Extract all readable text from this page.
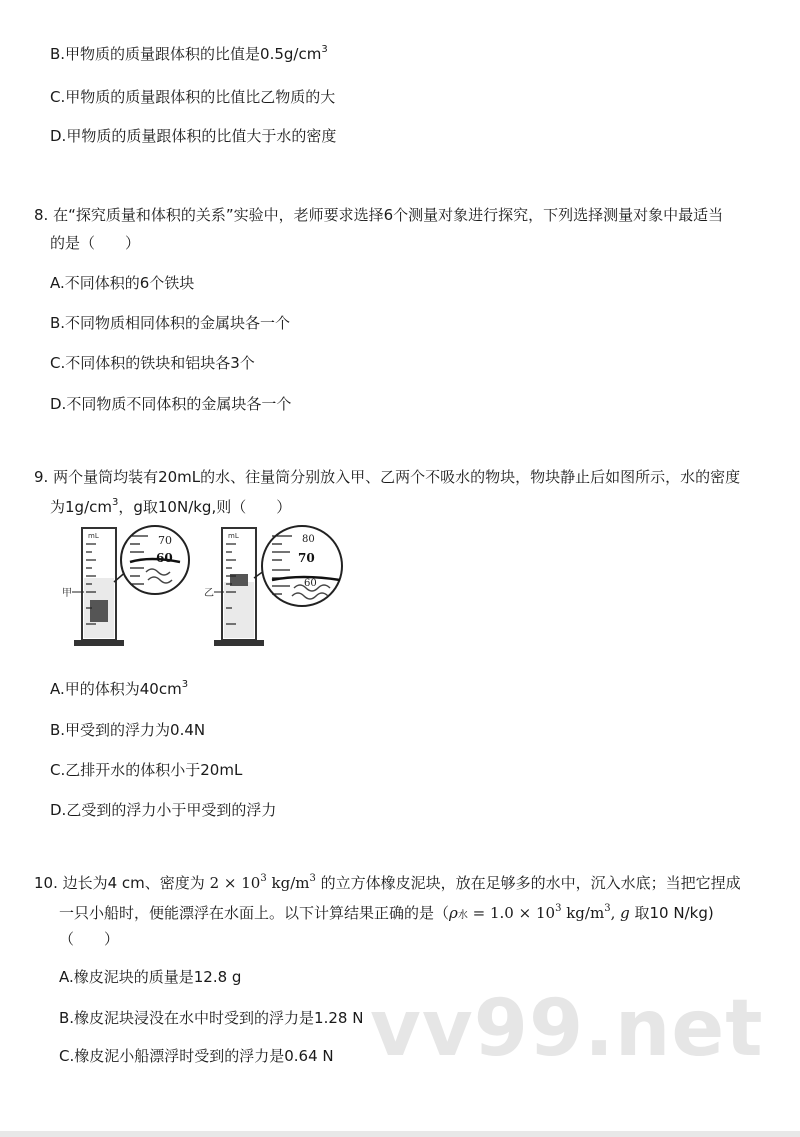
B.甲物质的质量跟体积的比值是$0.5g/cm^3$
C.甲物质的质量跟体积的比值比乙物质的大
D.甲物质的质量跟体积的比值大于水的密度
8. 在“探究质量和体积的关系”实验中，老师要求选择6个测量对象进行探究，下列选择测量对象中最适当
的是（　　）
A.不同体积的6个铁块
B.不同物质相同体积的金属块各一个
C.不同体积的铁块和铝块各3个
D.不同物质不同体积的金属块各一个
9. 两个量筒均装有20mL的水、往量筒分别放入甲、乙两个不吸水的物块，物块静止后如图所示，水的密度
为$1g/cm^3$，g取10N/kg,则（　　）
mL
甲
70
60
mL
乙
80
70
60
A.甲的体积为$40cm^3$
B.甲受到的浮力为0.4N
C.乙排开水的体积小于20mL
D.乙受到的浮力小于甲受到的浮力
10. 边长为4 cm、密度为 $2 \times 10^3$ $kg/m^3$ 的立方体橡皮泥块，放在足够多的水中，沉入水底；当把它捏成
一只小船时，便能漂浮在水面上。以下计算结果正确的是（ρ水 = $1.0 \times 10^3$ $kg/m^3$, g 取10 N/kg)
（　　）
A.橡皮泥块的质量是12.8 g
B.橡皮泥块浸没在水中时受到的浮力是1.28 N
C.橡皮泥小船漂浮时受到的浮力是0.64 N vv99.net
